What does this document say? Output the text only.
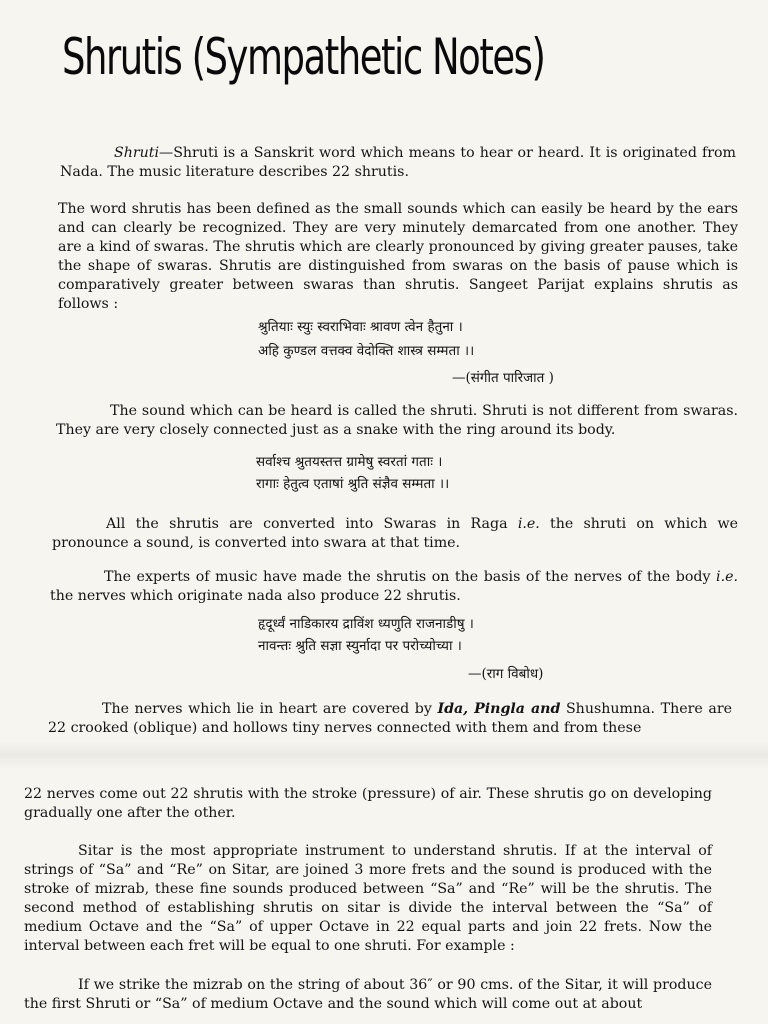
Shrutis (Sympathetic Notes)

Shruti—Shruti is a Sanskrit word which means to hear or heard. It is originated from Nada. The music literature describes 22 shrutis.

The word shrutis has been defined as the small sounds which can easily be heard by the ears and can clearly be recognized. They are very minutely demarcated from one another. They are a kind of swaras. The shrutis which are clearly pronounced by giving greater pauses, take the shape of swaras. Shrutis are distinguished from swaras on the basis of pause which is comparatively greater between swaras than shrutis. Sangeet Parijat explains shrutis as follows :
श्रुतियाः स्युः स्वराभिवाः श्रावण त्वेन हैतुना ।
अहि कुण्डल वत्तक्व वेदोक्ति शास्त्र सम्मता ।।
—(संगीत पारिजात )

The sound which can be heard is called the shruti. Shruti is not different from swaras. They are very closely connected just as a snake with the ring around its body.

सर्वाश्च श्रुतयस्तत्त ग्रामेषु स्वरतां गताः ।
रागाः हेतुत्व एताषां श्रुति संज्ञैव सम्मता ।।

All the shrutis are converted into Swaras in Raga i.e. the shruti on which we pronounce a sound, is converted into swara at that time.

The experts of music have made the shrutis on the basis of the nerves of the body i.e. the nerves which originate nada also produce 22 shrutis.

हृदूर्ध्वं नाडिकारय द्राविंश ध्यणुति राजनाडीषु ।
नावन्तः श्रुति सज्ञा स्युर्नादा पर परोच्योच्या ।
—(राग विबोध)

The nerves which lie in heart are covered by Ida, Pingla and Shushumna. There are 22 crooked (oblique) and hollows tiny nerves connected with them and from these

22 nerves come out 22 shrutis with the stroke (pressure) of air. These shrutis go on developing gradually one after the other.

Sitar is the most appropriate instrument to understand shrutis. If at the interval of strings of “Sa” and “Re” on Sitar, are joined 3 more frets and the sound is produced with the stroke of mizrab, these fine sounds produced between “Sa” and “Re” will be the shrutis. The second method of establishing shrutis on sitar is divide the interval between the “Sa” of medium Octave and the “Sa” of upper Octave in 22 equal parts and join 22 frets. Now the interval between each fret will be equal to one shruti. For example :

If we strike the mizrab on the string of about 36″ or 90 cms. of the Sitar, it will produce the first Shruti or “Sa” of medium Octave and the sound which will come out at about
